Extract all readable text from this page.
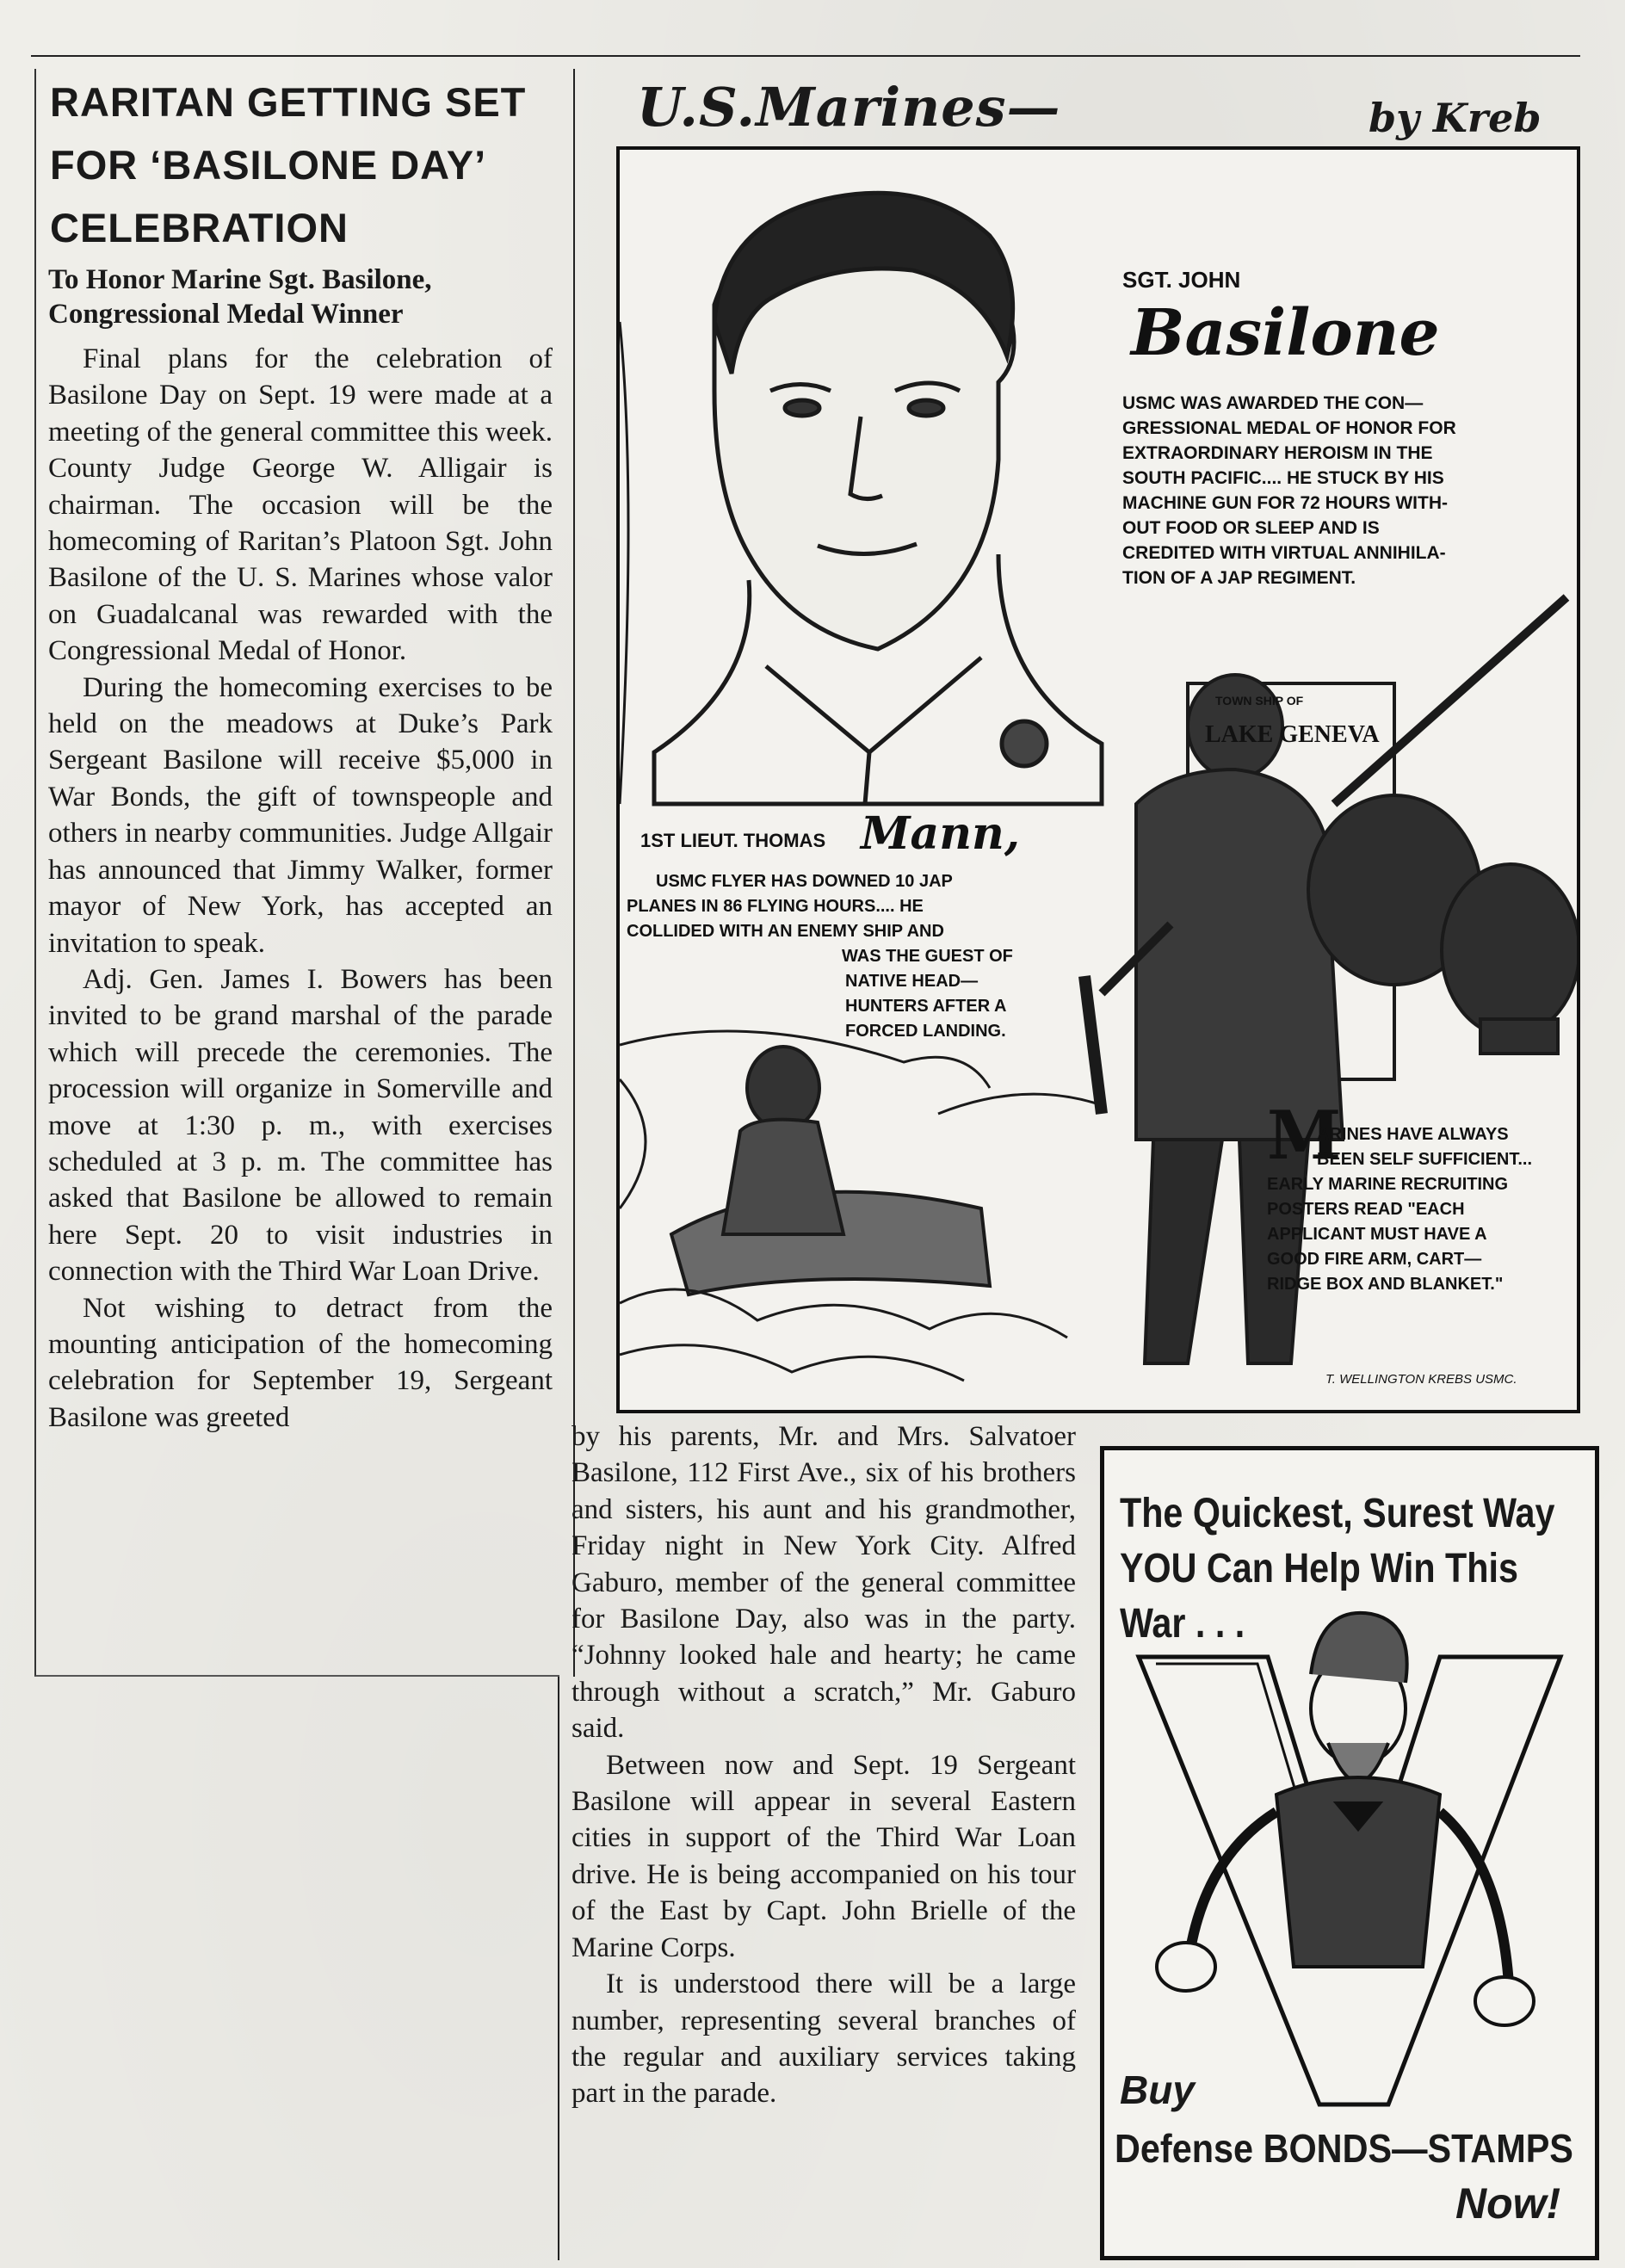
RARITAN GETTING SET
FOR ‘BASILONE DAY’
CELEBRATION
To Honor Marine Sgt. Basilone,
Congressional Medal Winner

Final plans for the celebration of Basilone Day on Sept. 19 were made at a meeting of the general committee this week. County Judge George W. Alligair is chairman. The occasion will be the homecoming of Raritan’s Platoon Sgt. John Basilone of the U. S. Marines whose valor on Guadalcanal was rewarded with the Congressional Medal of Honor.

During the homecoming exercises to be held on the meadows at Duke’s Park Sergeant Basilone will receive $5,000 in War Bonds, the gift of townspeople and others in nearby communities. Judge Allgair has announced that Jimmy Walker, former mayor of New York, has accepted an invitation to speak.

Adj. Gen. James I. Bowers has been invited to be grand marshal of the parade which will precede the ceremonies. The procession will organize in Somerville and move at 1:30 p. m., with exercises scheduled at 3 p. m. The committee has asked that Basilone be allowed to remain here Sept. 20 to visit industries in connection with the Third War Loan Drive.

Not wishing to detract from the mounting anticipation of the homecoming celebration for September 19, Sergeant Basilone was greeted

by his parents, Mr. and Mrs. Salvatoer Basilone, 112 First Ave., six of his brothers and sisters, his aunt and his grandmother, Friday night in New York City. Alfred Gaburo, member of the general committee for Basilone Day, also was in the party. “Johnny looked hale and hearty; he came through without a scratch,” Mr. Gaburo said.

Between now and Sept. 19 Sergeant Basilone will appear in several Eastern cities in support of the Third War Loan drive. He is being accompanied on his tour of the East by Capt. John Brielle of the Marine Corps.

It is understood there will be a large number, representing several branches of the regular and auxiliary services taking part in the parade.

U.S.Marines—	by Kreb
SGT. JOHN
Basilone
USMC WAS AWARDED THE CON—
GRESSIONAL MEDAL OF HONOR FOR
EXTRAORDINARY HEROISM IN THE
SOUTH PACIFIC.... HE STUCK BY HIS
MACHINE GUN FOR 72 HOURS WITH-
OUT FOOD OR SLEEP AND IS
CREDITED WITH VIRTUAL ANNIHILA-
TION OF A JAP REGIMENT.
TOWN SHIP OF
LAKE GENEVA
1ST LIEUT. THOMAS Mann,
USMC FLYER HAS DOWNED 10 JAP
PLANES IN 86 FLYING HOURS.... HE
COLLIDED WITH AN ENEMY SHIP AND
WAS THE GUEST OF
NATIVE HEAD—
HUNTERS AFTER A
FORCED LANDING.
M
ARINES HAVE ALWAYS
BEEN SELF SUFFICIENT...
EARLY MARINE RECRUITING
POSTERS READ "EACH
APPLICANT MUST HAVE A
GOOD FIRE ARM, CART—
RIDGE BOX AND BLANKET."
T. WELLINGTON KREBS USMC.
The Quickest, Surest Way
YOU Can Help Win This
War . . .
Buy
Defense BONDS—STAMPS
Now!
